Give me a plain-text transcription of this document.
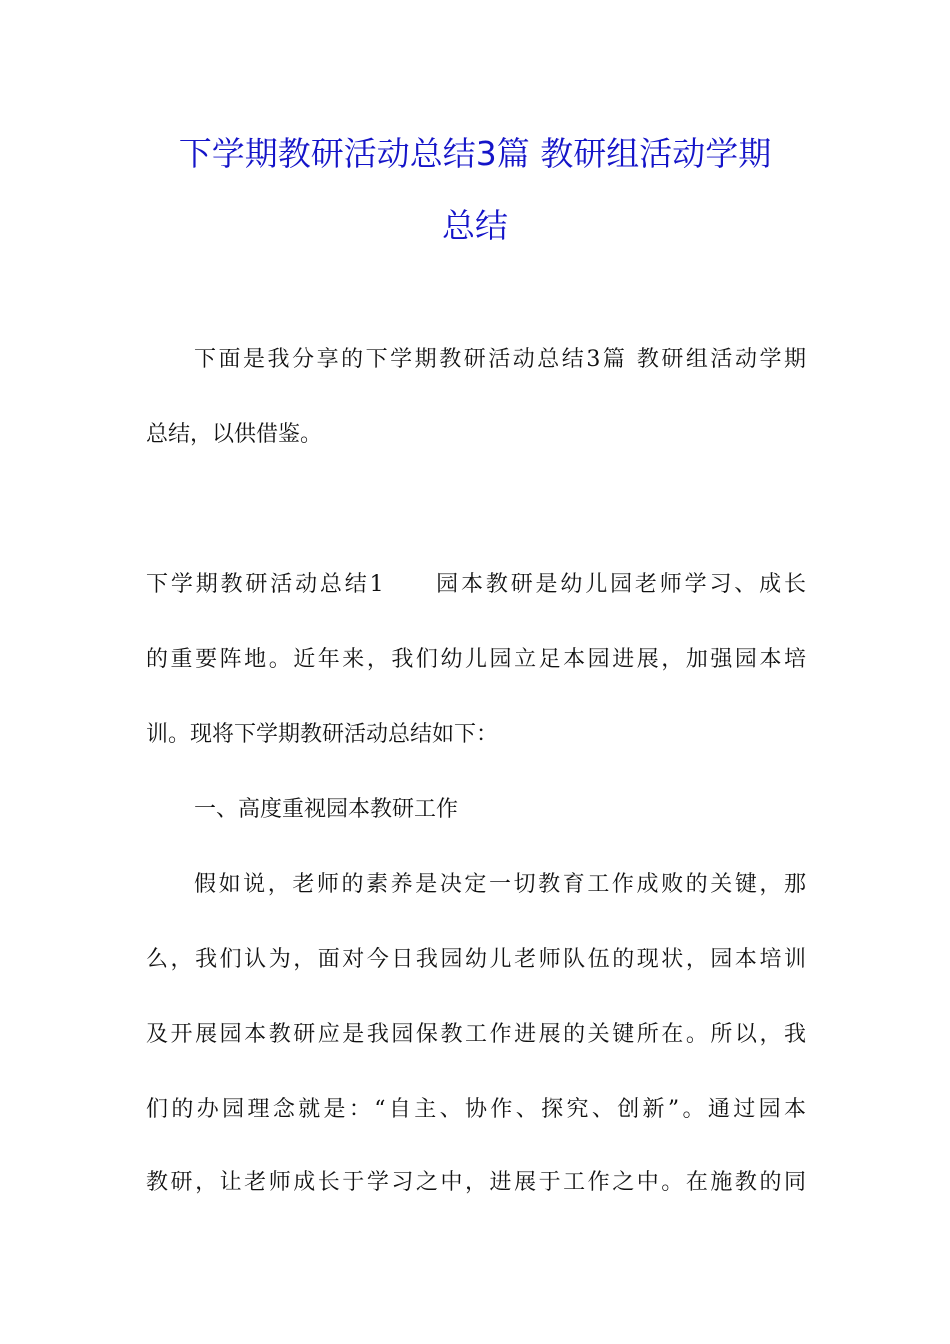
下学期教研活动总结3篇 教研组活动学期
总结
下面是我分享的下学期教研活动总结3篇 教研组活动学期
总结，以供借鉴。
下学期教研活动总结1　　园本教研是幼儿园老师学习、成长
的重要阵地。近年来，我们幼儿园立足本园进展，加强园本培
训。现将下学期教研活动总结如下：
一、高度重视园本教研工作
假如说，老师的素养是决定一切教育工作成败的关键，那
么，我们认为，面对今日我园幼儿老师队伍的现状，园本培训
及开展园本教研应是我园保教工作进展的关键所在。所以，我
们的办园理念就是：“自主、协作、探究、创新”。通过园本
教研，让老师成长于学习之中，进展于工作之中。在施教的同
